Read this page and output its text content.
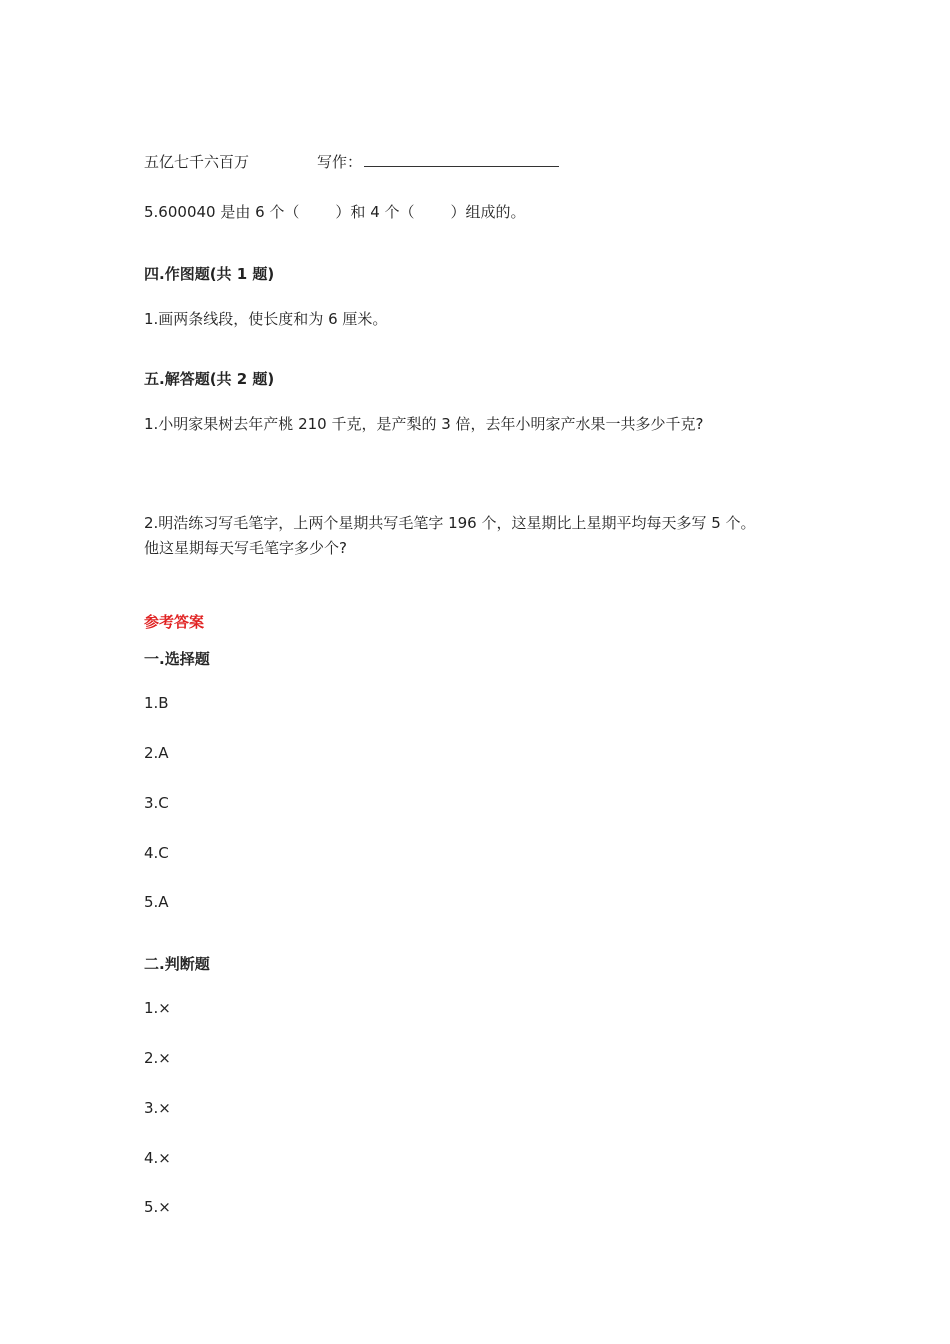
五亿七千六百万	写作：
5.600040 是由 6 个（ ）和 4 个（ ）组成的。
四.作图题(共 1 题)
1.画两条线段，使长度和为 6 厘米。
五.解答题(共 2 题)
1.小明家果树去年产桃 210 千克，是产梨的 3 倍，去年小明家产水果一共多少千克?
2.明浩练习写毛笔字，上两个星期共写毛笔字 196 个，这星期比上星期平均每天多写 5 个。
他这星期每天写毛笔字多少个?
参考答案
一.选择题
1.B
2.A
3.C
4.C
5.A
二.判断题
1.×
2.×
3.×
4.×
5.×
